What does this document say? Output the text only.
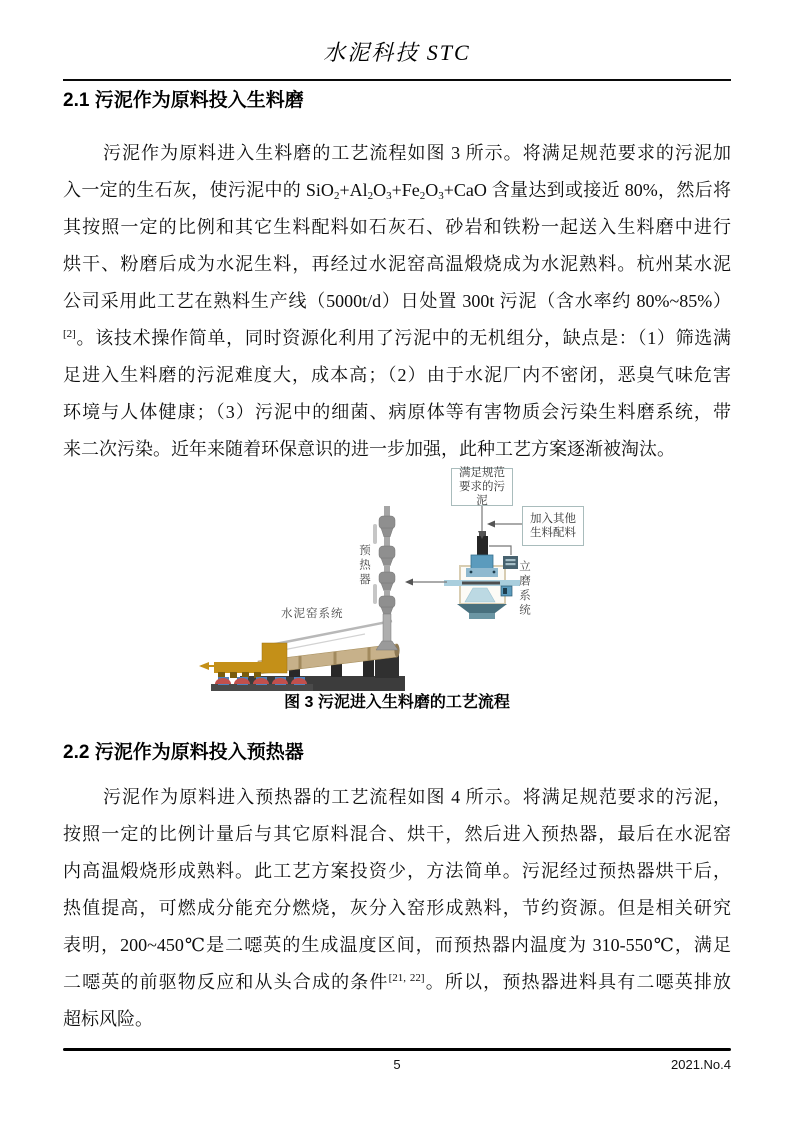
水泥科技 STC
2.1 污泥作为原料投入生料磨
污泥作为原料进入生料磨的工艺流程如图 3 所示。将满足规范要求的污泥加
入一定的生石灰，使污泥中的 $SiO_2+Al_2O_3+Fe_2O_3+CaO$ 含量达到或接近 80%，然后将
其按照一定的比例和其它生料配料如石灰石、砂岩和铁粉一起送入生料磨中进行
烘干、粉磨后成为水泥生料，再经过水泥窑高温煅烧成为水泥熟料。杭州某水泥
公司采用此工艺在熟料生产线（5000t/d）日处置 300t 污泥（含水率约 80%~85%）
[2]。该技术操作简单，同时资源化利用了污泥中的无机组分，缺点是：（1）筛选满
足进入生料磨的污泥难度大，成本高；（2）由于水泥厂内不密闭，恶臭气味危害
环境与人体健康；（3）污泥中的细菌、病原体等有害物质会污染生料磨系统，带
来二次污染。近年来随着环保意识的进一步加强，此种工艺方案逐渐被淘汰。
满足规范要求的污泥
加入其他生料配料
预热器	立磨系统
水泥窑系统
图 3 污泥进入生料磨的工艺流程
2.2 污泥作为原料投入预热器
污泥作为原料进入预热器的工艺流程如图 4 所示。将满足规范要求的污泥，
按照一定的比例计量后与其它原料混合、烘干，然后进入预热器，最后在水泥窑
内高温煅烧形成熟料。此工艺方案投资少，方法简单。污泥经过预热器烘干后，
热值提高，可燃成分能充分燃烧，灰分入窑形成熟料，节约资源。但是相关研究
表明，200~450℃是二噁英的生成温度区间，而预热器内温度为 310-550℃，满足
二噁英的前驱物反应和从头合成的条件[21, 22]。所以，预热器进料具有二噁英排放
超标风险。
5	2021.No.4
